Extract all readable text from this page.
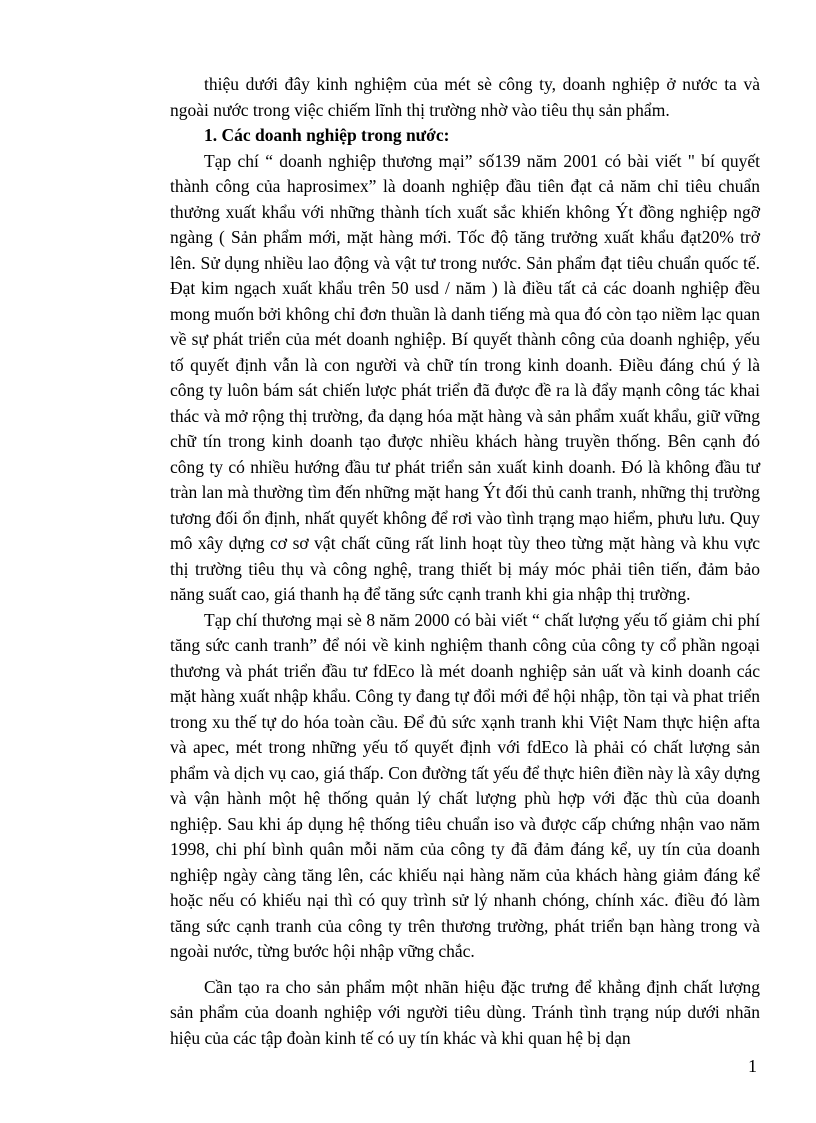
thiệu dưới đây kinh nghiệm của mét sè công ty, doanh nghiệp ở nước ta và ngoài nước trong việc chiếm lĩnh thị trường nhờ vào tiêu thụ sản phẩm.

1. Các doanh nghiệp trong nước:

Tạp chí “ doanh nghiệp thương mại” số139 năm 2001 có bài viết " bí quyết thành công của haprosimex” là doanh nghiệp đầu tiên đạt cả năm chỉ tiêu chuẩn thưởng xuất khẩu với những thành tích xuất sắc khiến không Ýt đồng nghiệp ngỡ ngàng ( Sản phẩm mới, mặt hàng mới. Tốc độ tăng trưởng xuất khẩu đạt20% trở lên. Sử dụng nhiều lao động và vật tư trong nước. Sản phẩm đạt tiêu chuẩn quốc tế. Đạt kim ngạch xuất khẩu trên 50 usd / năm ) là điều tất cả các doanh nghiệp đều mong muốn bởi không chỉ đơn thuần là danh tiếng mà qua đó còn tạo niềm lạc quan về sự phát triển của mét doanh nghiệp. Bí quyết thành công của doanh nghiệp, yếu tố quyết định vẫn là con người và chữ tín trong kinh doanh. Điều đáng chú ý là công ty luôn bám sát chiến lược phát triển đã được đề ra là đẩy mạnh công tác khai thác và mở rộng thị trường, đa dạng hóa mặt hàng và sản phẩm xuất khẩu, giữ vững chữ tín trong kinh doanh tạo được nhiều khách hàng truyền thống. Bên cạnh đó công ty có nhiều hướng đầu tư phát triển sản xuất kinh doanh. Đó là không đầu tư tràn lan mà thường tìm đến những mặt hang Ýt đối thủ canh tranh, những thị trường tương đối ổn định, nhất quyết không để rơi vào tình trạng mạo hiểm, phưu lưu. Quy mô xây dựng cơ sơ vật chất cũng rất linh hoạt tùy theo từng mặt hàng và khu vực thị trường tiêu thụ và công nghệ, trang thiết bị máy móc phải tiên tiến, đảm bảo năng suất cao, giá thanh hạ để tăng sức cạnh tranh khi gia nhập thị trường.

Tạp chí thương mại sè 8 năm 2000 có bài viết “ chất lượng yếu tố giảm chi phí tăng sức canh tranh” để nói về kinh nghiệm thanh công của công ty cổ phần ngoại thương và phát triển đầu tư fdEco là mét doanh nghiệp sản uất và kinh doanh các mặt hàng xuất nhập khẩu. Công ty đang tự đổi mới để hội nhập, tồn tại và phat triển trong xu thế tự do hóa toàn cầu. Để đủ sức xạnh tranh khi Việt Nam thực hiện afta và apec, mét trong những yếu tố quyết định với fdEco là phải có chất lượng sản phẩm và dịch vụ cao, giá thấp. Con đường tất yếu để thực hiên điền này là xây dựng và vận hành một hệ thống quản lý chất lượng phù hợp với đặc thù của doanh nghiệp. Sau khi áp dụng hệ thống tiêu chuẩn iso và được cấp chứng nhận vao năm 1998, chi phí bình quân mỗi năm của công ty đã đảm đáng kể, uy tín của doanh nghiệp ngày càng tăng lên, các khiếu nại hàng năm của khách hàng giảm đáng kể hoặc nếu có khiếu nại thì có quy trình sử lý nhanh chóng, chính xác. điều đó làm tăng sức cạnh tranh của công ty trên thương trường, phát triển bạn hàng trong và ngoài nước, từng bước hội nhập vững chắc.

Cần tạo ra cho sản phẩm một nhãn hiệu đặc trưng để khẳng định chất lượng sản phẩm của doanh nghiệp với người tiêu dùng. Tránh tình trạng núp dưới nhãn hiệu của các tập đoàn kinh tế có uy tín khác và khi quan hệ bị dạn

1
